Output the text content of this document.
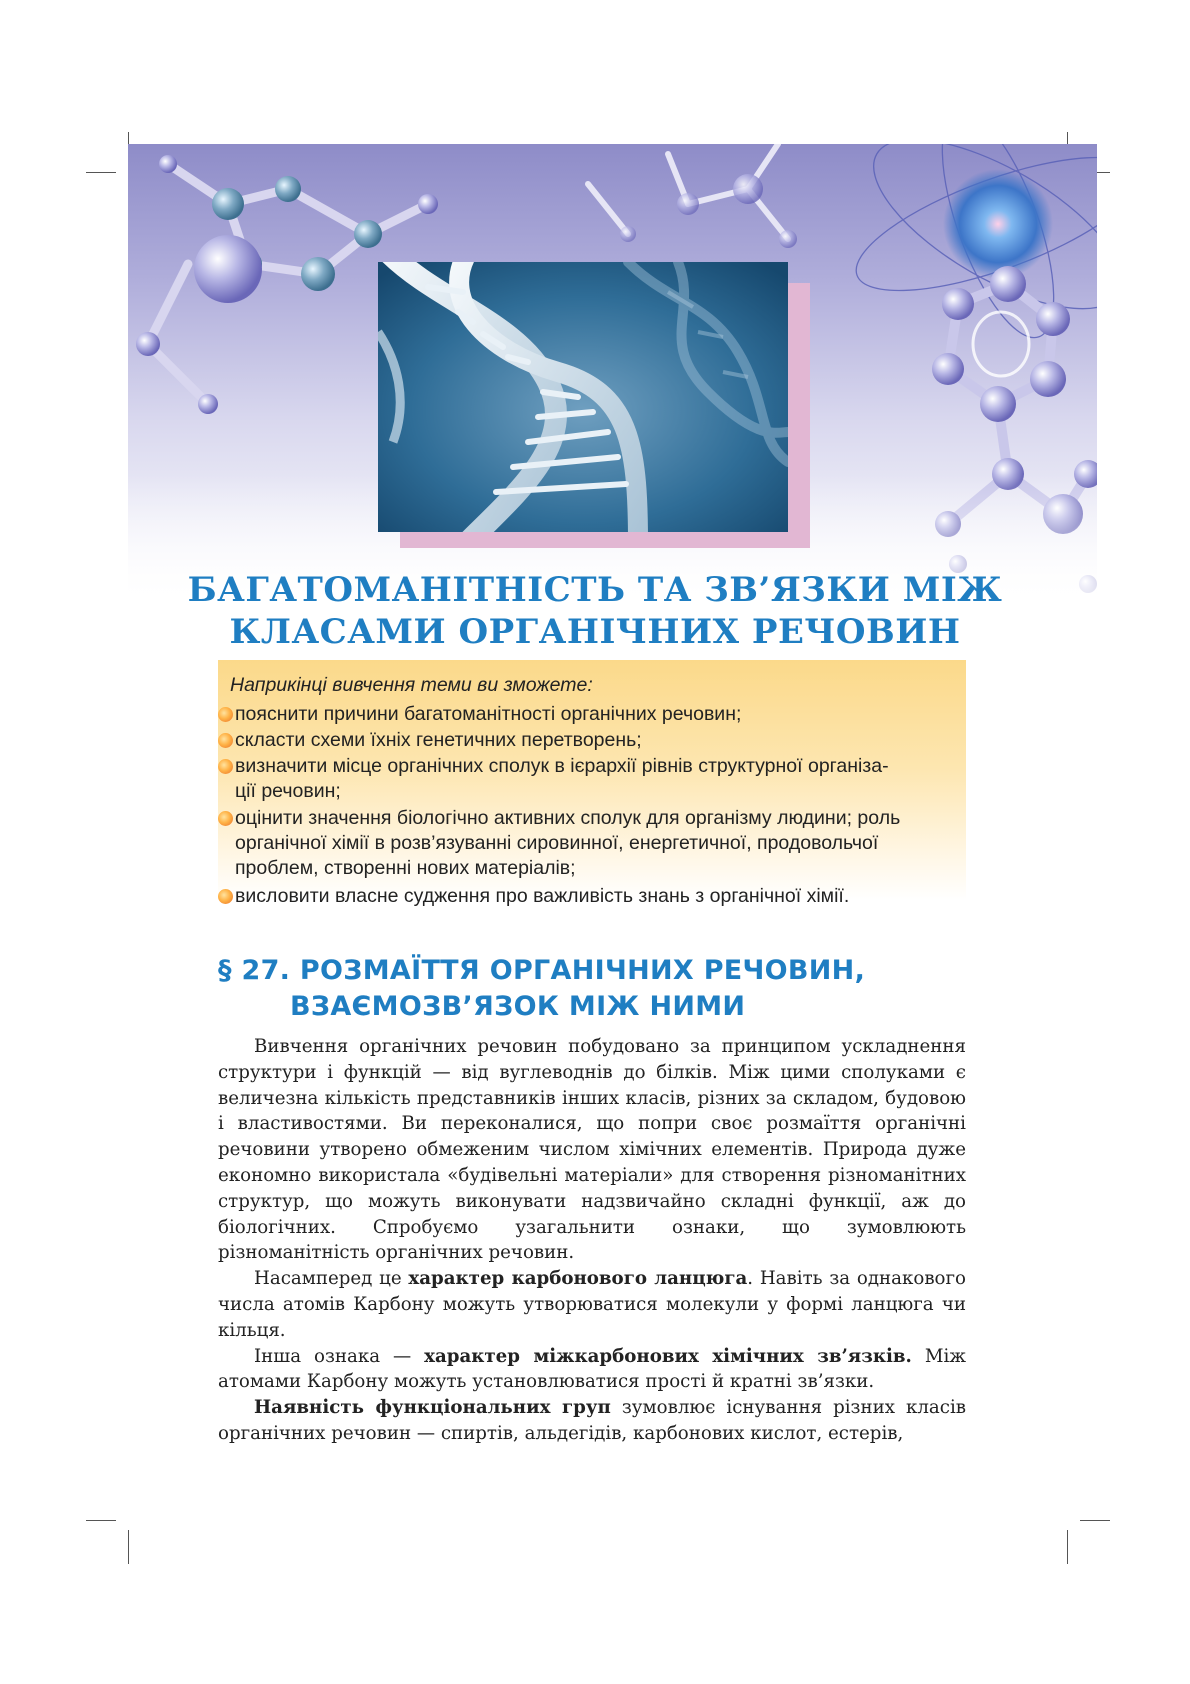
БАГАТОМАНІТНІСТЬ ТА ЗВ’ЯЗКИ МІЖ
КЛАСАМИ ОРГАНІЧНИХ РЕЧОВИН
Наприкінці вивчення теми ви зможете:
пояснити причини багатоманітності органічних речовин;
скласти схеми їхніх генетичних перетворень;
визначити місце органічних сполук в ієрархії рівнів структурної організа-
ції речовин;
оцінити значення біологічно активних сполук для організму людини; роль
органічної хімії в розв’язуванні сировинної, енергетичної, продовольчої
проблем, створенні нових матеріалів;
висловити власне судження про важливість знань з органічної хімії.
§ 27. РОЗМАЇТТЯ ОРГАНІЧНИХ РЕЧОВИН,
ВЗАЄМОЗВ’ЯЗОК МІЖ НИМИ

Вивчення органічних речовин побудовано за принципом ускладнення структури і функцій — від вуглеводнів до білків. Між цими сполуками є величезна кількість представників інших класів, різних за складом, будовою і властивостями. Ви переконалися, що попри своє розмаїття органічні речовини утворено обмеженим числом хімічних елементів. Природа дуже економно використала «будівельні матеріали» для створення різноманітних структур, що можуть виконувати надзвичайно складні функції, аж до біологічних. Спробуємо узагальнити ознаки, що зумовлюють різноманітність органічних речовин.

Насамперед це характер карбонового ланцюга. Навіть за однакового числа атомів Карбону можуть утворюватися молекули у формі ланцюга чи кільця.

Інша ознака — характер міжкарбонових хімічних зв’язків. Між атомами Карбону можуть установлюватися прості й кратні зв’язки.

Наявність функціональних груп зумовлює існування різних класів органічних речовин — спиртів, альдегідів, карбонових кислот, естерів,
